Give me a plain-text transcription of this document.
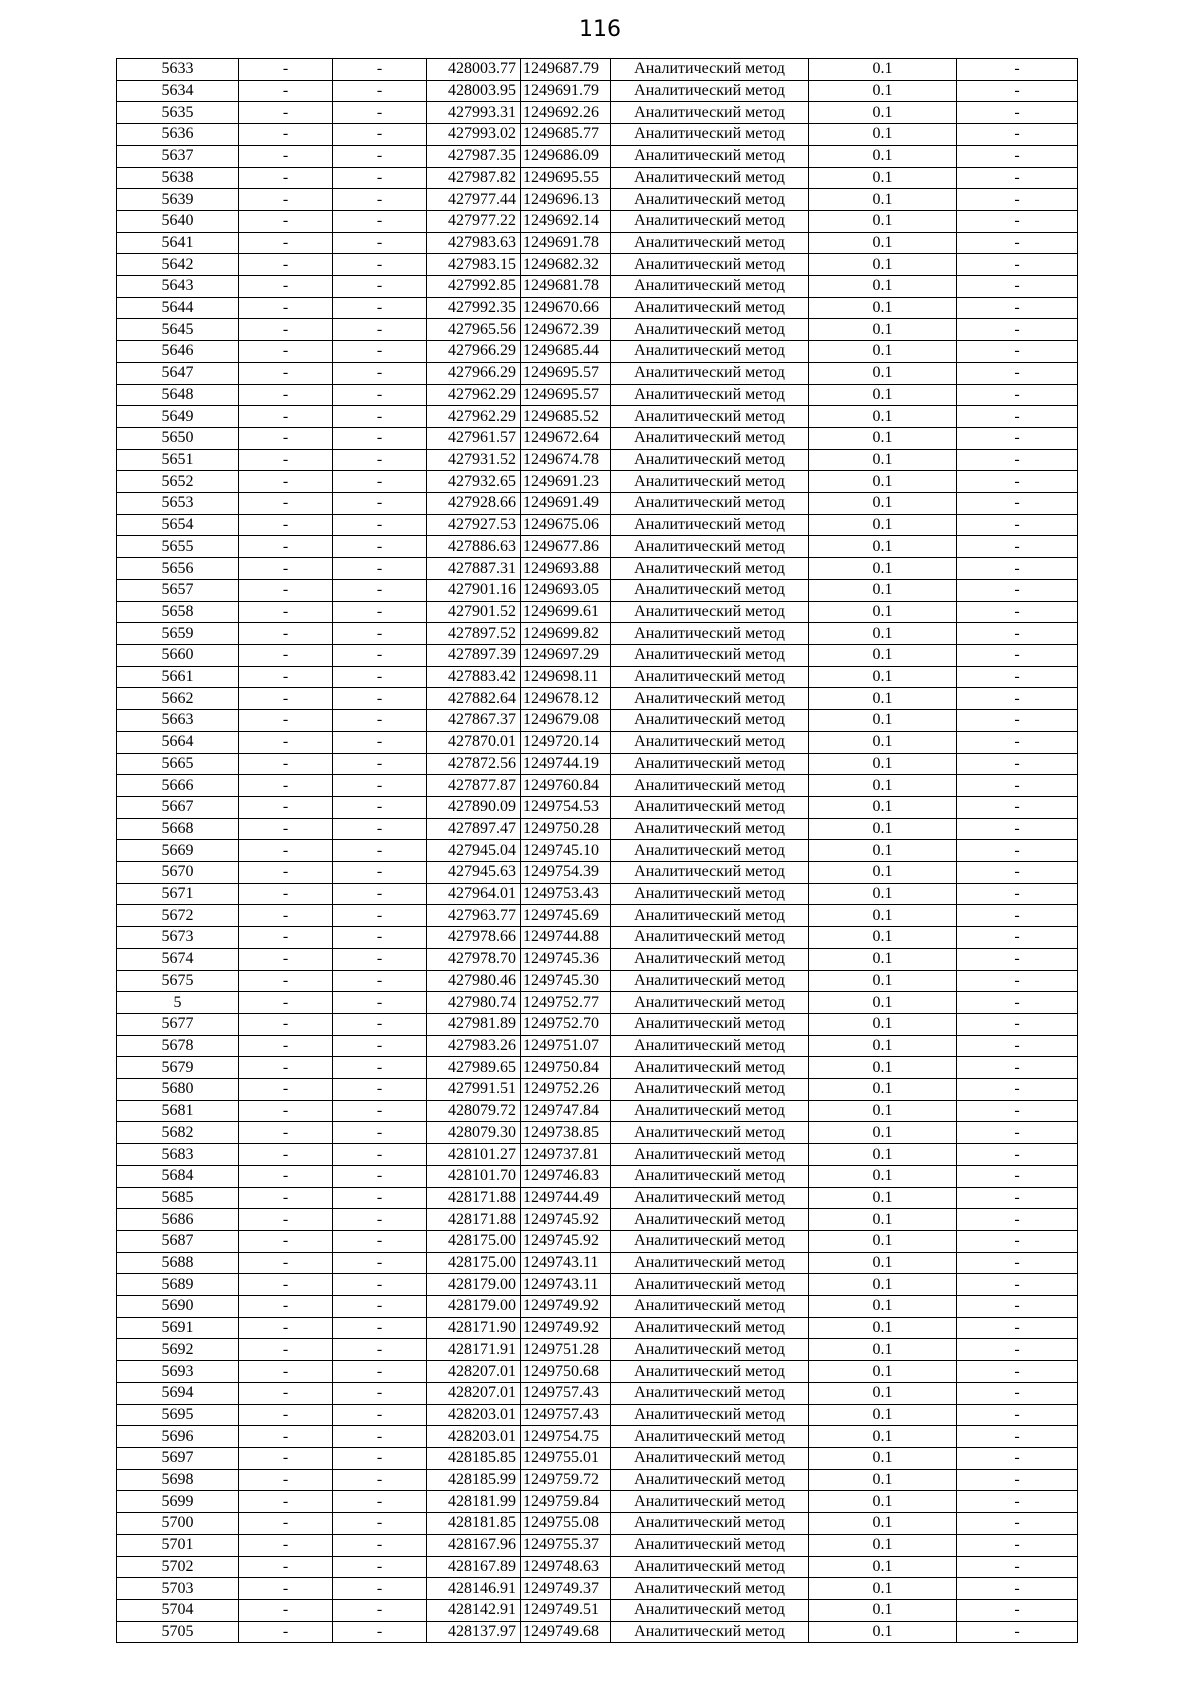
116
5633	-	-	428003.77	1249687.79	Аналитический метод	0.1	-
5634	-	-	428003.95	1249691.79	Аналитический метод	0.1	-
5635	-	-	427993.31	1249692.26	Аналитический метод	0.1	-
5636	-	-	427993.02	1249685.77	Аналитический метод	0.1	-
5637	-	-	427987.35	1249686.09	Аналитический метод	0.1	-
5638	-	-	427987.82	1249695.55	Аналитический метод	0.1	-
5639	-	-	427977.44	1249696.13	Аналитический метод	0.1	-
5640	-	-	427977.22	1249692.14	Аналитический метод	0.1	-
5641	-	-	427983.63	1249691.78	Аналитический метод	0.1	-
5642	-	-	427983.15	1249682.32	Аналитический метод	0.1	-
5643	-	-	427992.85	1249681.78	Аналитический метод	0.1	-
5644	-	-	427992.35	1249670.66	Аналитический метод	0.1	-
5645	-	-	427965.56	1249672.39	Аналитический метод	0.1	-
5646	-	-	427966.29	1249685.44	Аналитический метод	0.1	-
5647	-	-	427966.29	1249695.57	Аналитический метод	0.1	-
5648	-	-	427962.29	1249695.57	Аналитический метод	0.1	-
5649	-	-	427962.29	1249685.52	Аналитический метод	0.1	-
5650	-	-	427961.57	1249672.64	Аналитический метод	0.1	-
5651	-	-	427931.52	1249674.78	Аналитический метод	0.1	-
5652	-	-	427932.65	1249691.23	Аналитический метод	0.1	-
5653	-	-	427928.66	1249691.49	Аналитический метод	0.1	-
5654	-	-	427927.53	1249675.06	Аналитический метод	0.1	-
5655	-	-	427886.63	1249677.86	Аналитический метод	0.1	-
5656	-	-	427887.31	1249693.88	Аналитический метод	0.1	-
5657	-	-	427901.16	1249693.05	Аналитический метод	0.1	-
5658	-	-	427901.52	1249699.61	Аналитический метод	0.1	-
5659	-	-	427897.52	1249699.82	Аналитический метод	0.1	-
5660	-	-	427897.39	1249697.29	Аналитический метод	0.1	-
5661	-	-	427883.42	1249698.11	Аналитический метод	0.1	-
5662	-	-	427882.64	1249678.12	Аналитический метод	0.1	-
5663	-	-	427867.37	1249679.08	Аналитический метод	0.1	-
5664	-	-	427870.01	1249720.14	Аналитический метод	0.1	-
5665	-	-	427872.56	1249744.19	Аналитический метод	0.1	-
5666	-	-	427877.87	1249760.84	Аналитический метод	0.1	-
5667	-	-	427890.09	1249754.53	Аналитический метод	0.1	-
5668	-	-	427897.47	1249750.28	Аналитический метод	0.1	-
5669	-	-	427945.04	1249745.10	Аналитический метод	0.1	-
5670	-	-	427945.63	1249754.39	Аналитический метод	0.1	-
5671	-	-	427964.01	1249753.43	Аналитический метод	0.1	-
5672	-	-	427963.77	1249745.69	Аналитический метод	0.1	-
5673	-	-	427978.66	1249744.88	Аналитический метод	0.1	-
5674	-	-	427978.70	1249745.36	Аналитический метод	0.1	-
5675	-	-	427980.46	1249745.30	Аналитический метод	0.1	-
5	-	-	427980.74	1249752.77	Аналитический метод	0.1	-
5677	-	-	427981.89	1249752.70	Аналитический метод	0.1	-
5678	-	-	427983.26	1249751.07	Аналитический метод	0.1	-
5679	-	-	427989.65	1249750.84	Аналитический метод	0.1	-
5680	-	-	427991.51	1249752.26	Аналитический метод	0.1	-
5681	-	-	428079.72	1249747.84	Аналитический метод	0.1	-
5682	-	-	428079.30	1249738.85	Аналитический метод	0.1	-
5683	-	-	428101.27	1249737.81	Аналитический метод	0.1	-
5684	-	-	428101.70	1249746.83	Аналитический метод	0.1	-
5685	-	-	428171.88	1249744.49	Аналитический метод	0.1	-
5686	-	-	428171.88	1249745.92	Аналитический метод	0.1	-
5687	-	-	428175.00	1249745.92	Аналитический метод	0.1	-
5688	-	-	428175.00	1249743.11	Аналитический метод	0.1	-
5689	-	-	428179.00	1249743.11	Аналитический метод	0.1	-
5690	-	-	428179.00	1249749.92	Аналитический метод	0.1	-
5691	-	-	428171.90	1249749.92	Аналитический метод	0.1	-
5692	-	-	428171.91	1249751.28	Аналитический метод	0.1	-
5693	-	-	428207.01	1249750.68	Аналитический метод	0.1	-
5694	-	-	428207.01	1249757.43	Аналитический метод	0.1	-
5695	-	-	428203.01	1249757.43	Аналитический метод	0.1	-
5696	-	-	428203.01	1249754.75	Аналитический метод	0.1	-
5697	-	-	428185.85	1249755.01	Аналитический метод	0.1	-
5698	-	-	428185.99	1249759.72	Аналитический метод	0.1	-
5699	-	-	428181.99	1249759.84	Аналитический метод	0.1	-
5700	-	-	428181.85	1249755.08	Аналитический метод	0.1	-
5701	-	-	428167.96	1249755.37	Аналитический метод	0.1	-
5702	-	-	428167.89	1249748.63	Аналитический метод	0.1	-
5703	-	-	428146.91	1249749.37	Аналитический метод	0.1	-
5704	-	-	428142.91	1249749.51	Аналитический метод	0.1	-
5705	-	-	428137.97	1249749.68	Аналитический метод	0.1	-
